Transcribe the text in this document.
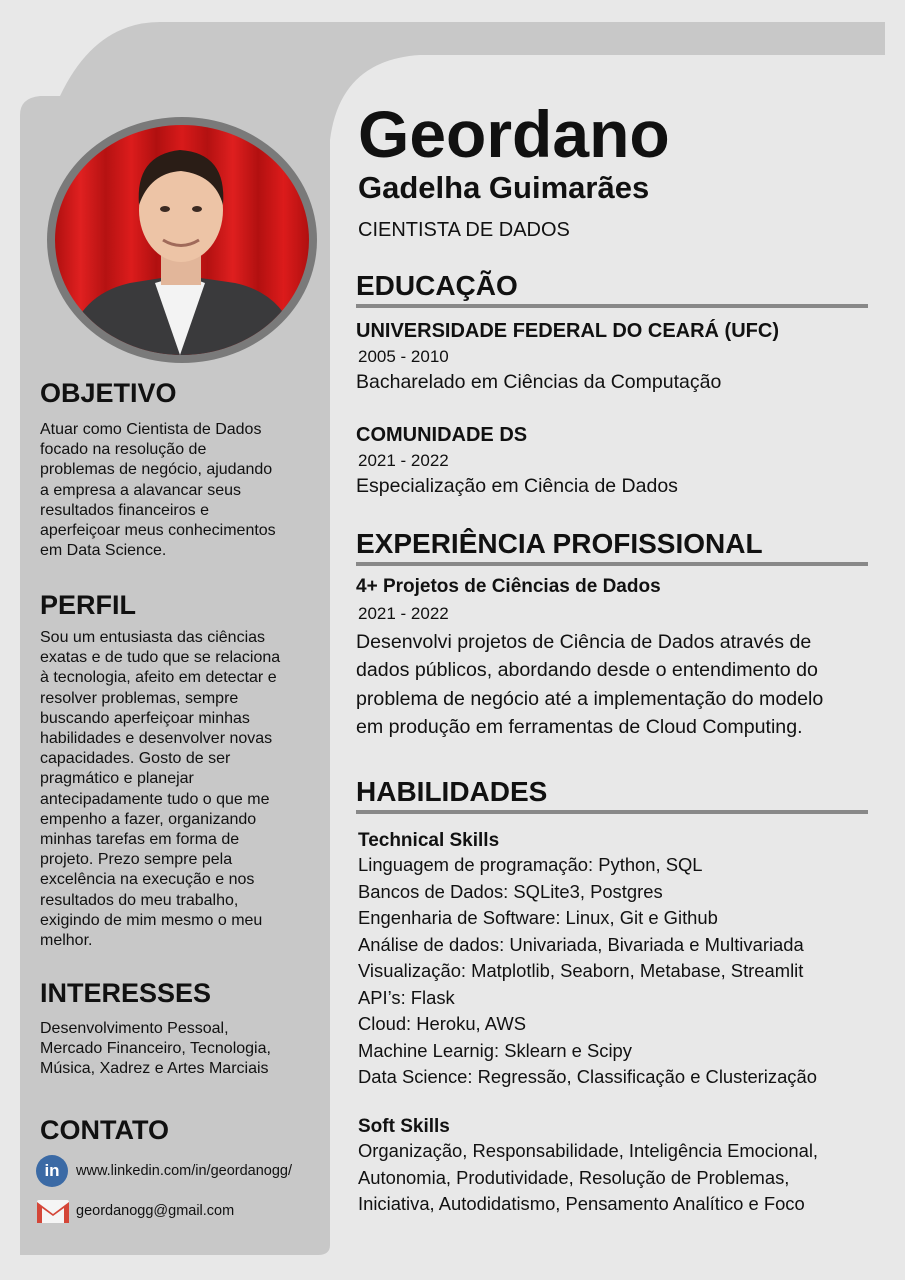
OBJETIVO

Atuar como Cientista de Dados

focado na resolução de

problemas de negócio, ajudando

a empresa a alavancar seus

resultados financeiros e

aperfeiçoar meus conhecimentos

em Data Science.

PERFIL

Sou um entusiasta das ciências

exatas e de tudo que se relaciona

à tecnologia, afeito em detectar e

resolver problemas, sempre

buscando aperfeiçoar minhas

habilidades e desenvolver novas

capacidades. Gosto de ser

pragmático e planejar

antecipadamente tudo o que me

empenho a fazer, organizando

minhas tarefas em forma de

projeto. Prezo sempre pela

excelência na execução e nos

resultados do meu trabalho,

exigindo de mim mesmo o meu

melhor.

INTERESSES

Desenvolvimento Pessoal,

Mercado Financeiro, Tecnologia,

Música, Xadrez e Artes Marciais

CONTATO
in www.linkedin.com/in/geordanogg/
geordanogg@gmail.com
Geordano
Gadelha Guimarães

CIENTISTA DE DADOS

EDUCAÇÃO
UNIVERSIDADE FEDERAL DO CEARÁ (UFC)
2005 - 2010
Bacharelado em Ciências da Computação
COMUNIDADE DS
2021 - 2022
Especialização em Ciência de Dados
EXPERIÊNCIA PROFISSIONAL
4+ Projetos de Ciências de Dados
2021 - 2022
Desenvolvi projetos de Ciência de Dados através de
dados públicos, abordando desde o entendimento do
problema de negócio até a implementação do modelo
em produção em ferramentas de Cloud Computing.
HABILIDADES
Technical Skills
Linguagem de programação: Python, SQL
Bancos de Dados: SQLite3, Postgres
Engenharia de Software: Linux, Git e Github
Análise de dados: Univariada, Bivariada e Multivariada
Visualização: Matplotlib, Seaborn, Metabase, Streamlit
API’s: Flask
Cloud: Heroku, AWS
Machine Learnig: Sklearn e Scipy
Data Science: Regressão, Classificação e Clusterização
Soft Skills
Organização, Responsabilidade, Inteligência Emocional,
Autonomia, Produtividade, Resolução de Problemas,
Iniciativa, Autodidatismo, Pensamento Analítico e Foco
